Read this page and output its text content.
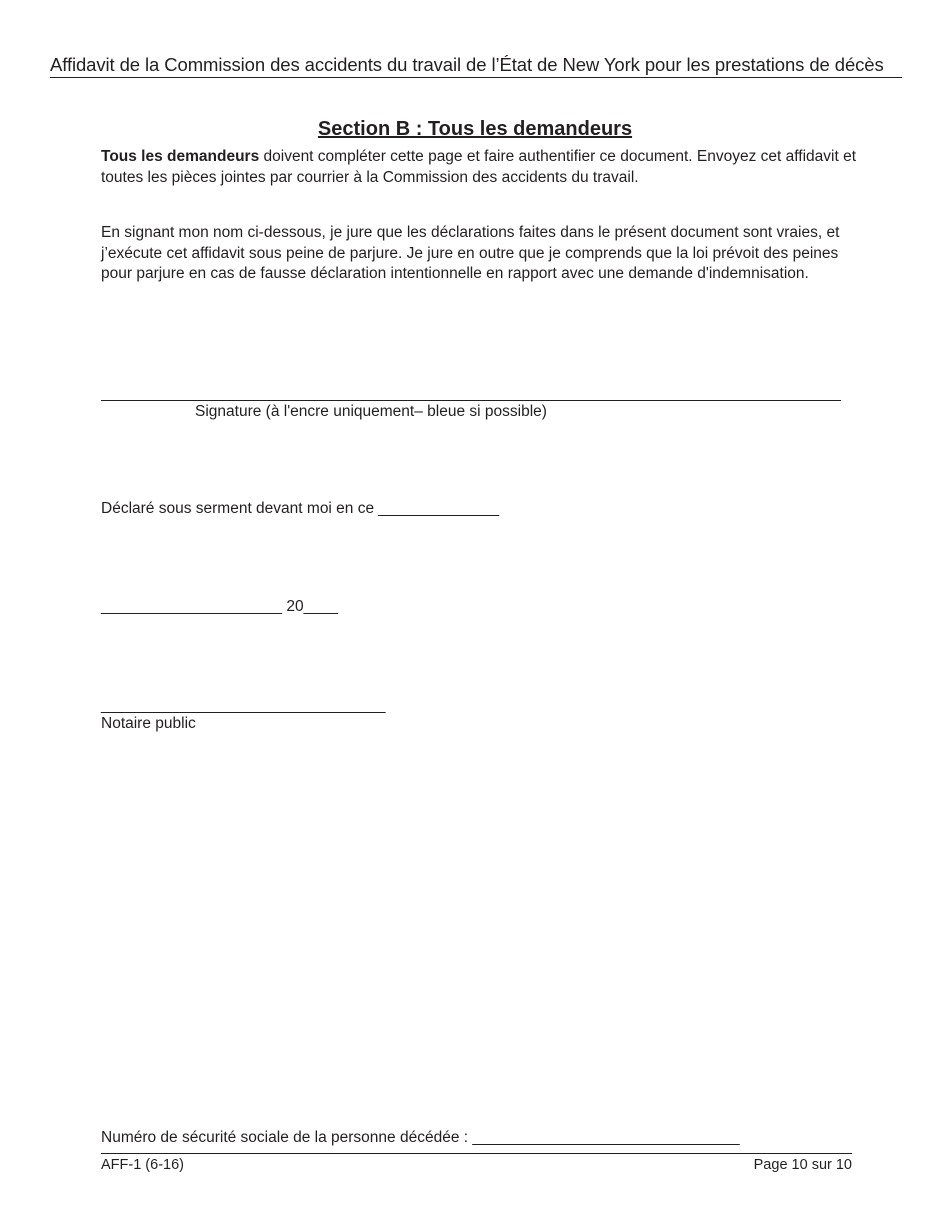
Affidavit de la Commission des accidents du travail de l’État de New York pour les prestations de décès
Section B : Tous les demandeurs
Tous les demandeurs doivent compléter cette page et faire authentifier ce document. Envoyez cet affidavit et toutes les pièces jointes par courrier à la Commission des accidents du travail.
En signant mon nom ci-dessous, je jure que les déclarations faites dans le présent document sont vraies, et j’exécute cet affidavit sous peine de parjure. Je jure en outre que je comprends que la loi prévoit des peines pour parjure en cas de fausse déclaration intentionnelle en rapport avec une demande d'indemnisation.
Signature (à l'encre uniquement– bleue si possible)
Déclaré sous serment devant moi en ce ______________
_____________________ 20____
_________________________________
Notaire public
Numéro de sécurité sociale de la personne décédée : _______________________________
AFF-1 (6-16)	Page 10 sur 10
